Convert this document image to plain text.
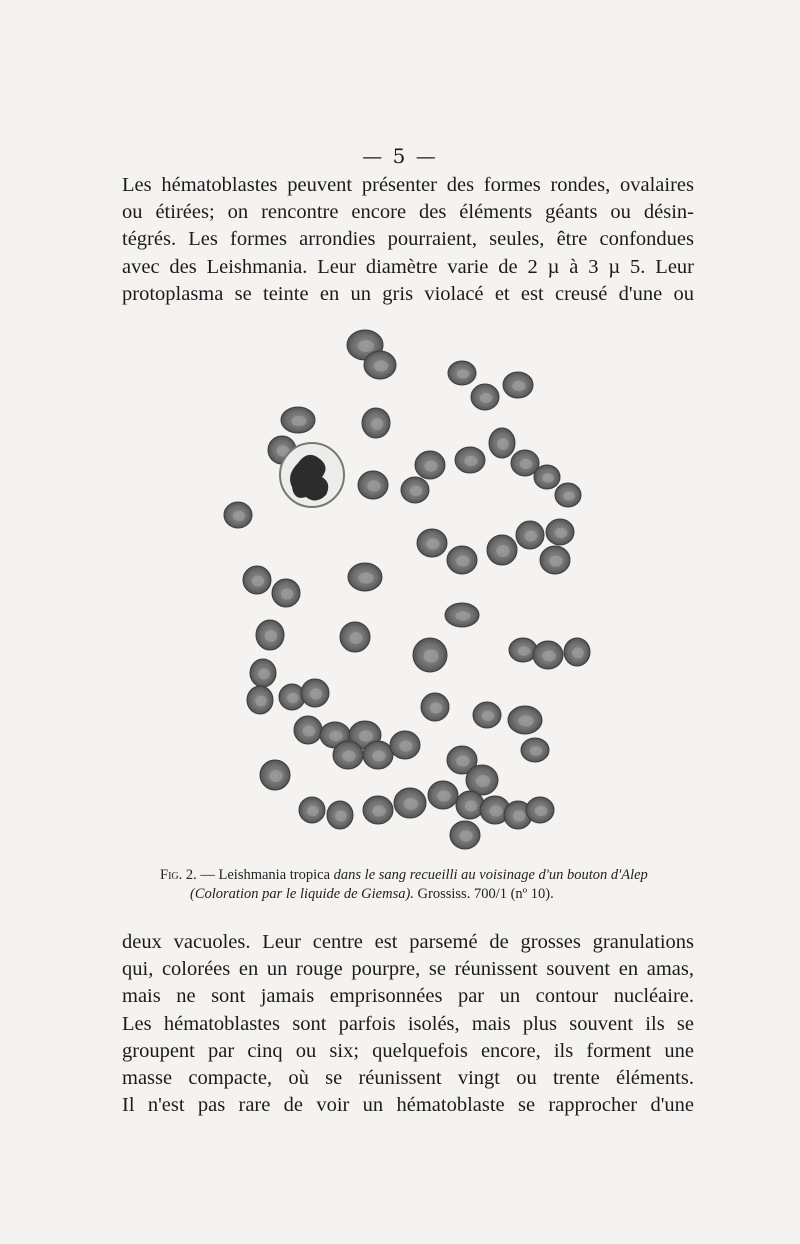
— 5 —
Les hématoblastes peuvent présenter des formes rondes, ovalaires
ou étirées; on rencontre encore des éléments géants ou désin-
tégrés. Les formes arrondies pourraient, seules, être confondues
avec des Leishmania. Leur diamètre varie de 2 µ à 3 µ 5. Leur
protoplasma se teinte en un gris violacé et est creusé d'une ou
Fig. 2. — Leishmania tropica dans le sang recueilli au voisinage d'un bouton d'Alep
(Coloration par le liquide de Giemsa). Grossiss. 700/1 (nº 10).
deux vacuoles. Leur centre est parsemé de grosses granulations
qui, colorées en un rouge pourpre, se réunissent souvent en amas,
mais ne sont jamais emprisonnées par un contour nucléaire.
Les hématoblastes sont parfois isolés, mais plus souvent ils se
groupent par cinq ou six; quelquefois encore, ils forment une
masse compacte, où se réunissent vingt ou trente éléments.
Il n'est pas rare de voir un hématoblaste se rapprocher d'une
